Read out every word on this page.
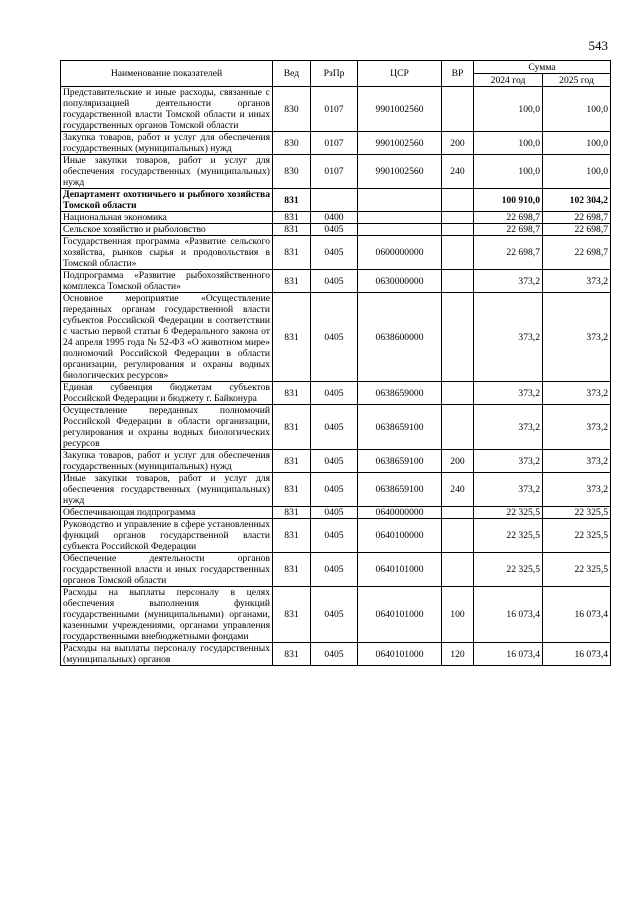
543
Наименование показателей	Вед	РзПр	ЦСР	ВР	Сумма	
					2024 год	2025 год
Представительские и иные расходы, связанные с популяризацией деятельности органов государственной власти Томской области и иных государственных органов Томской области	830	0107	9901002560		100,0	100,0
Закупка товаров, работ и услуг для обеспечения государственных (муниципальных) нужд	830	0107	9901002560	200	100,0	100,0
Иные закупки товаров, работ и услуг для обеспечения государственных (муниципальных) нужд	830	0107	9901002560	240	100,0	100,0
Департамент охотничьего и рыбного хозяйства Томской области	831				100 910,0	102 304,2
Национальная экономика	831	0400			22 698,7	22 698,7
Сельское хозяйство и рыболовство	831	0405			22 698,7	22 698,7
Государственная программа «Развитие сельского хозяйства, рынков сырья и продовольствия в Томской области»	831	0405	0600000000		22 698,7	22 698,7
Подпрограмма «Развитие рыбохозяйственного комплекса Томской области»	831	0405	0630000000		373,2	373,2
Основное мероприятие «Осуществление переданных органам государственной власти субъектов Российской Федерации в соответствии с частью первой статьи 6 Федерального закона от 24 апреля 1995 года № 52-ФЗ «О животном мире» полномочий Российской Федерации в области организации, регулирования и охраны водных биологических ресурсов»	831	0405	0638600000		373,2	373,2
Единая субвенция бюджетам субъектов Российской Федерации и бюджету г. Байконура	831	0405	0638659000		373,2	373,2
Осуществление переданных полномочий Российской Федерации в области организации, регулирования и охраны водных биологических ресурсов	831	0405	0638659100		373,2	373,2
Закупка товаров, работ и услуг для обеспечения государственных (муниципальных) нужд	831	0405	0638659100	200	373,2	373,2
Иные закупки товаров, работ и услуг для обеспечения государственных (муниципальных) нужд	831	0405	0638659100	240	373,2	373,2
Обеспечивающая подпрограмма	831	0405	0640000000		22 325,5	22 325,5
Руководство и управление в сфере установленных функций органов государственной власти субъекта Российской Федерации	831	0405	0640100000		22 325,5	22 325,5
Обеспечение деятельности органов государственной власти и иных государственных органов Томской области	831	0405	0640101000		22 325,5	22 325,5
Расходы на выплаты персоналу в целях обеспечения выполнения функций государственными (муниципальными) органами, казенными учреждениями, органами управления государственными внебюджетными фондами	831	0405	0640101000	100	16 073,4	16 073,4
Расходы на выплаты персоналу государственных (муниципальных) органов	831	0405	0640101000	120	16 073,4	16 073,4
